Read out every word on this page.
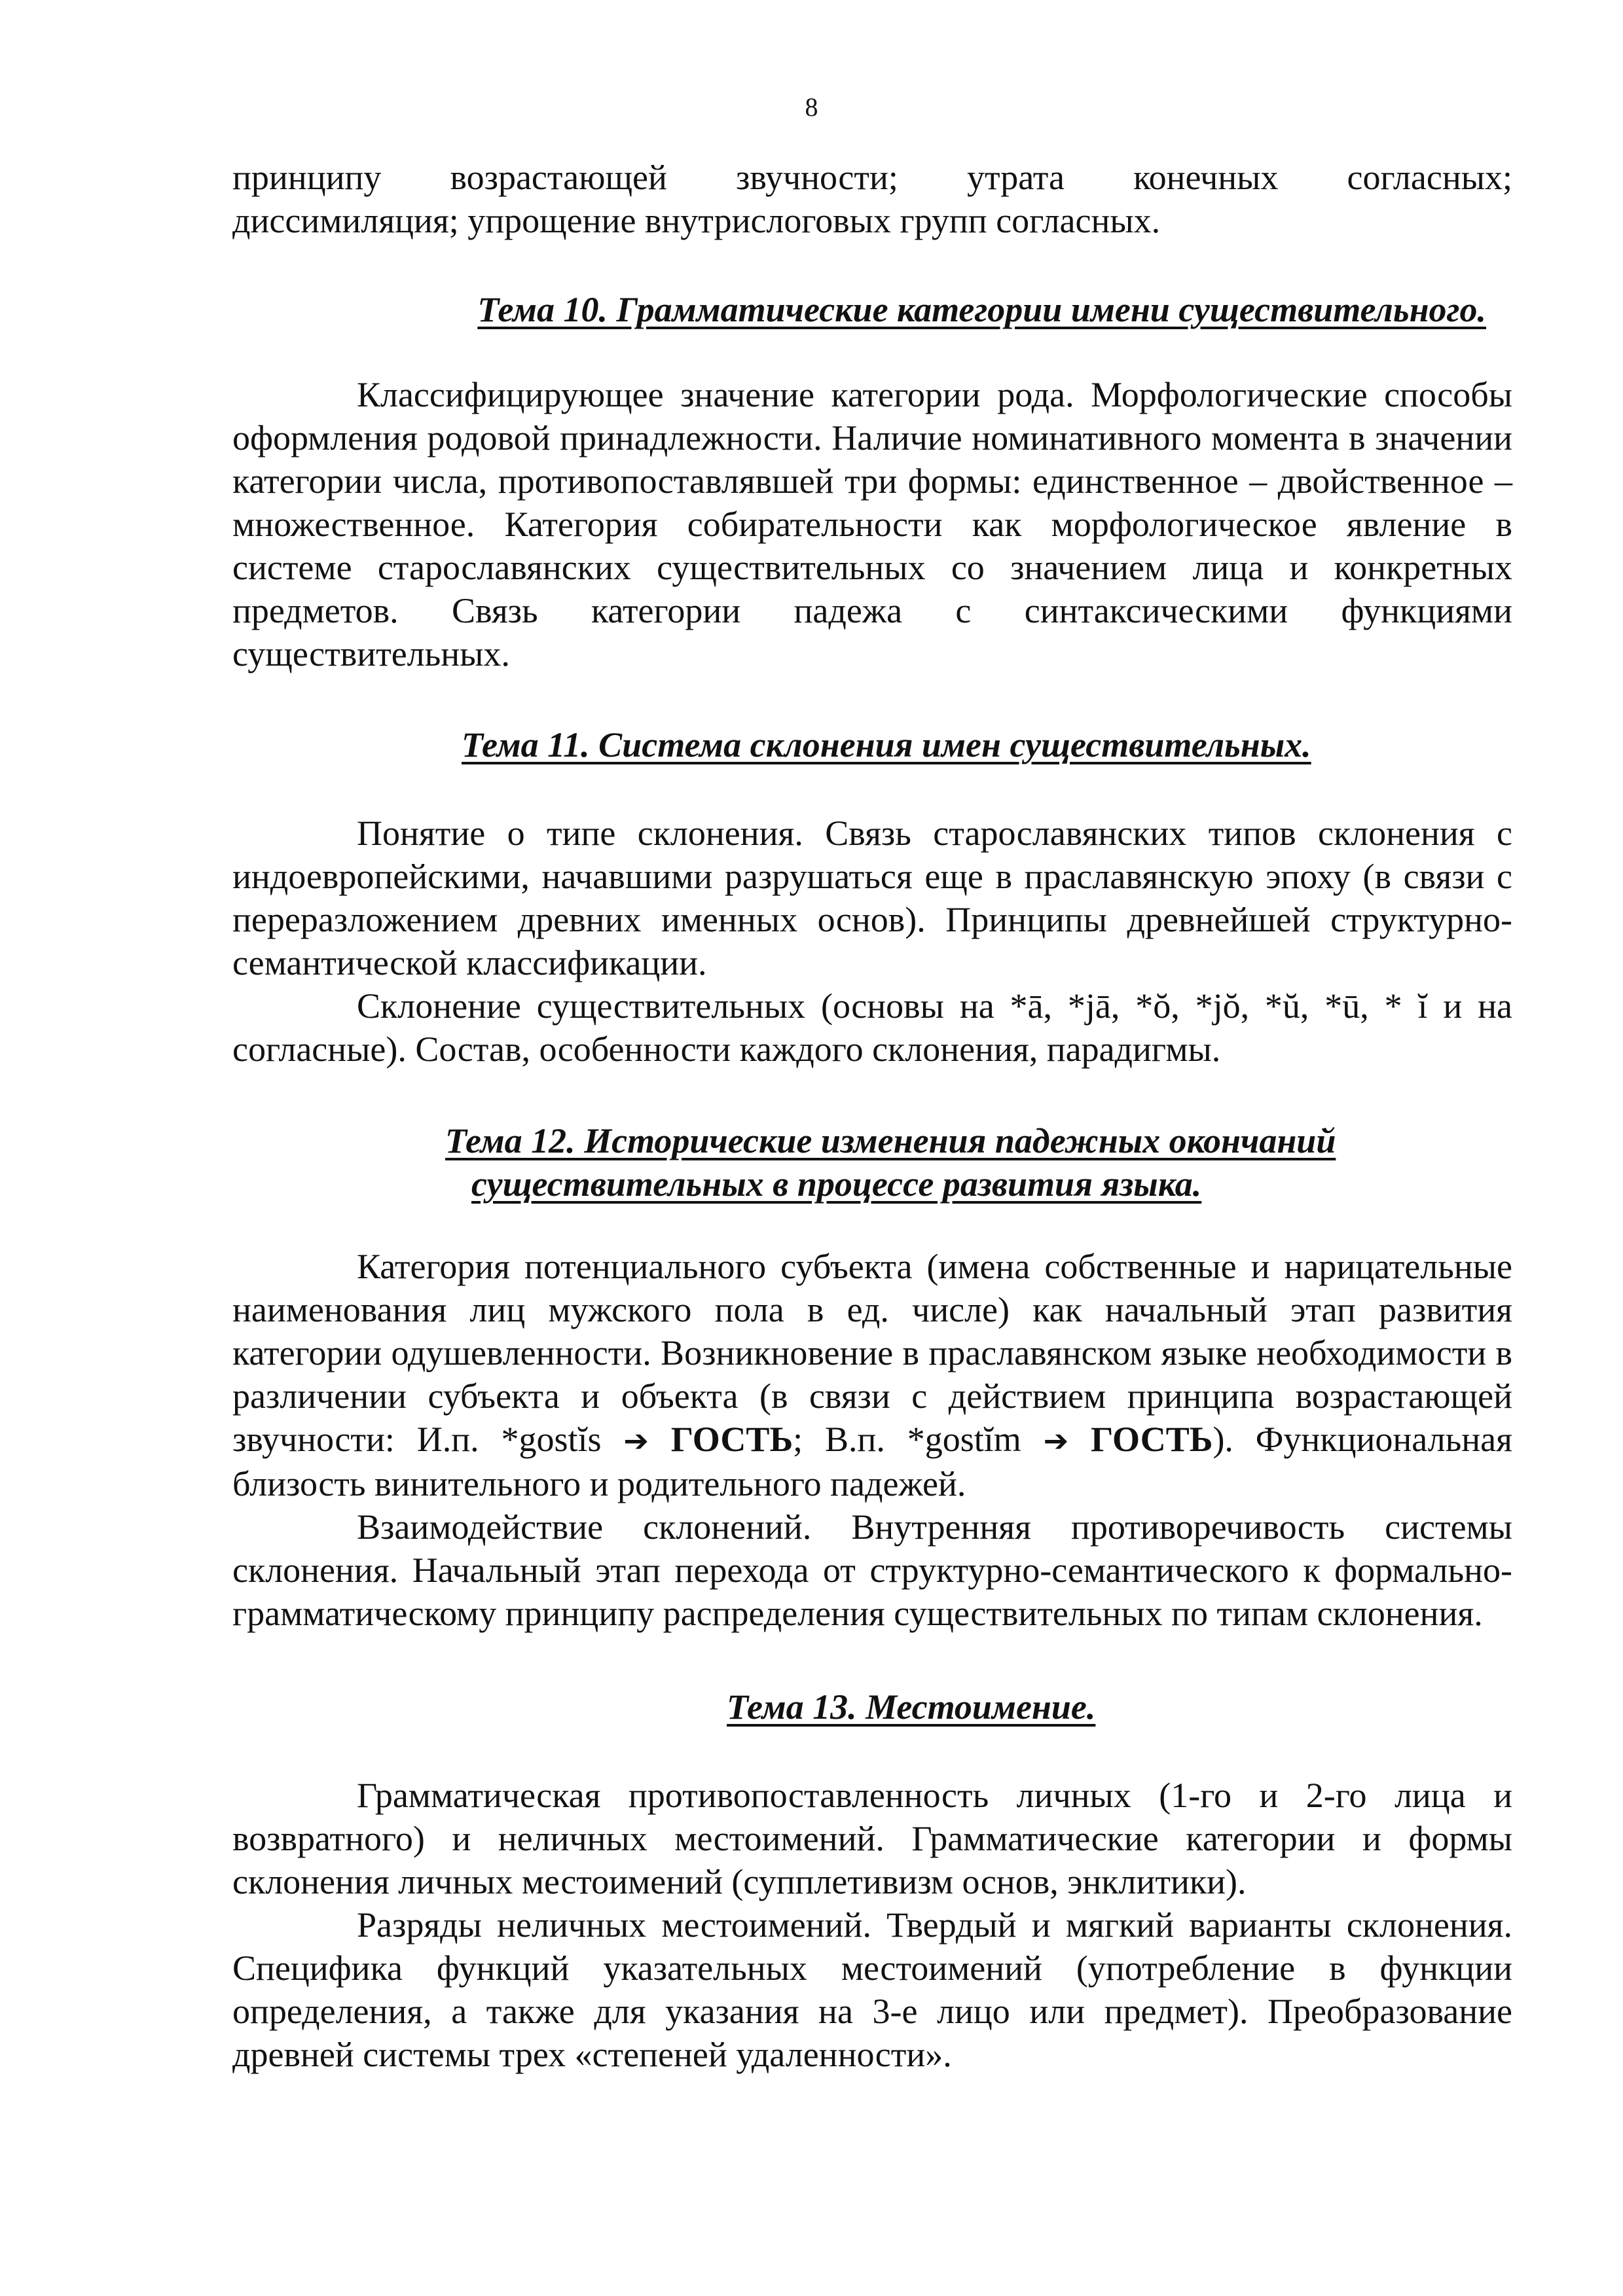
8

принципу возрастающей звучности; утрата конечных согласных;

диссимиляция; упрощение внутрислоговых групп согласных.

Тема 10. Грамматические категории имени существительного.

Классифицирующее значение категории рода. Морфологические способы оформления родовой принадлежности. Наличие номинативного момента в значении категории числа, противопоставлявшей три формы: единственное – двойственное – множественное. Категория собирательности как морфологическое явление в системе старославянских существительных со значением лица и конкретных предметов. Связь категории падежа с синтаксическими функциями существительных.

Тема 11. Система склонения имен существительных.

Понятие о типе склонения. Связь старославянских типов склонения с индоевропейскими, начавшими разрушаться еще в праславянскую эпоху (в связи с переразложением древних именных основ). Принципы древнейшей структурно-семантической классификации.

Склонение существительных (основы на *ā, *jā, *ŏ, *jŏ, *ŭ, *ū, * ĭ и на согласные). Состав, особенности каждого склонения, парадигмы.

Тема 12. Исторические изменения падежных окончаний

существительных в процессе развития языка.

Категория потенциального субъекта (имена собственные и нарицательные наименования лиц мужского пола в ед. числе) как начальный этап развития категории одушевленности. Возникновение в праславянском языке необходимости в различении субъекта и объекта (в связи с действием принципа возрастающей звучности: И.п. *gostĭs ➔ ГОСТЬ; В.п. *gostĭm ➔ ГОСТЬ). Функциональная близость винительного и родительного падежей.

Взаимодействие склонений. Внутренняя противоречивость системы склонения. Начальный этап перехода от структурно-семантического к формально-грамматическому принципу распределения существительных по типам склонения.

Тема 13. Местоимение.

Грамматическая противопоставленность личных (1-го и 2-го лица и возвратного) и неличных местоимений. Грамматические категории и формы склонения личных местоимений (супплетивизм основ, энклитики).

Разряды неличных местоимений. Твердый и мягкий варианты склонения. Специфика функций указательных местоимений (употребление в функции определения, а также для указания на 3-е лицо или предмет). Преобразование древней системы трех «степеней удаленности».
